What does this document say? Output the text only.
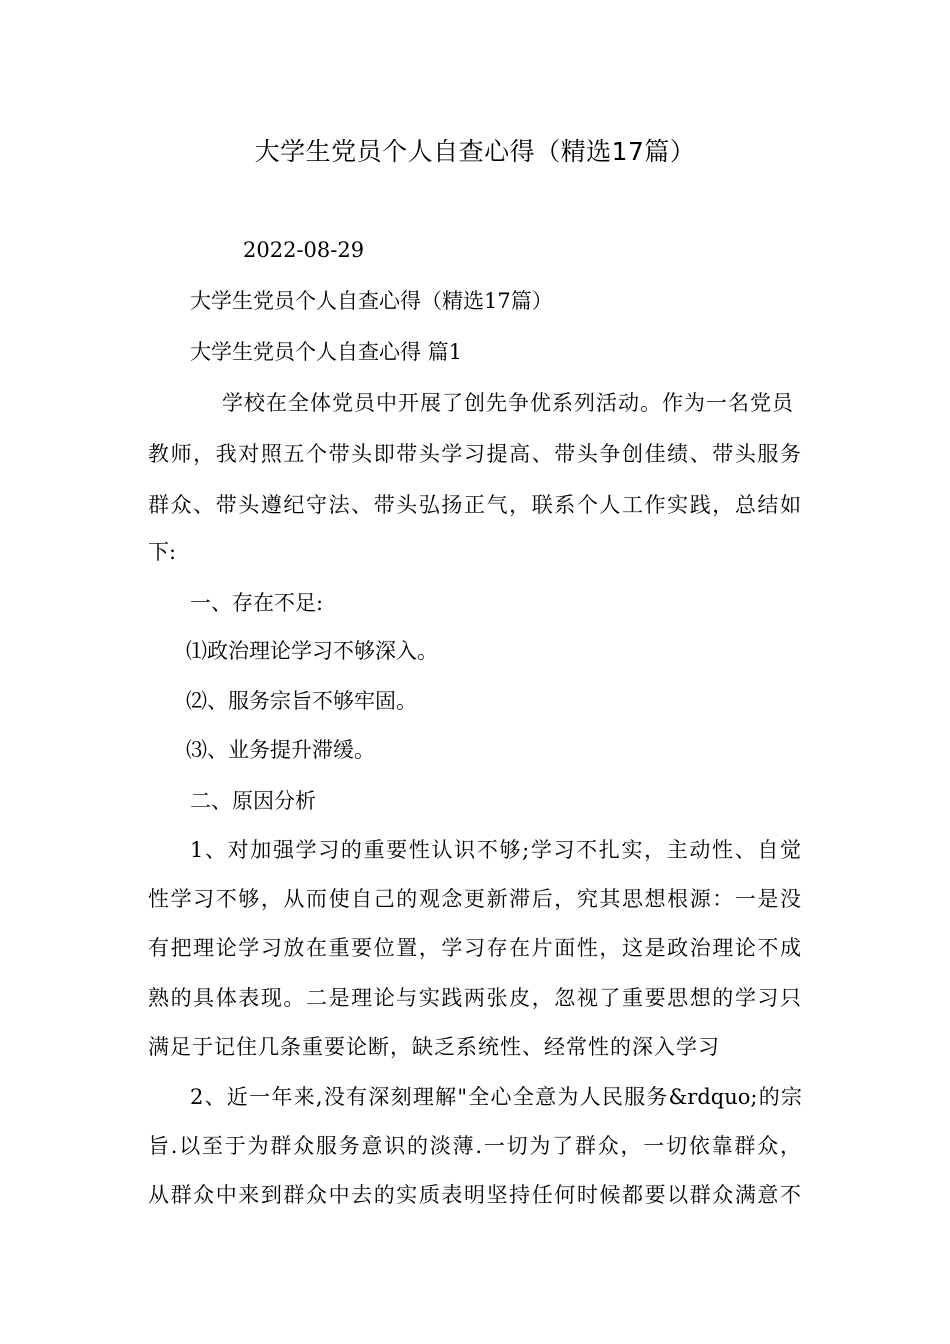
大学生党员个人自查心得（精选17篇）
2022-08-29
大学生党员个人自查心得（精选17篇）
大学生党员个人自查心得 篇1
学校在全体党员中开展了创先争优系列活动。作为一名党员
教师，我对照五个带头即带头学习提高、带头争创佳绩、带头服务
群众、带头遵纪守法、带头弘扬正气，联系个人工作实践，总结如
下:
一、存在不足:
⑴政治理论学习不够深入。
⑵、服务宗旨不够牢固。
⑶、业务提升滞缓。
二、原因分析
1、对加强学习的重要性认识不够;学习不扎实，主动性、自觉
性学习不够，从而使自己的观念更新滞后，究其思想根源：一是没
有把理论学习放在重要位置，学习存在片面性，这是政治理论不成
熟的具体表现。二是理论与实践两张皮，忽视了重要思想的学习只
满足于记住几条重要论断，缺乏系统性、经常性的深入学习
2、近一年来,没有深刻理解"全心全意为人民服务&rdquo;的宗
旨.以至于为群众服务意识的淡薄.一切为了群众，一切依靠群众，
从群众中来到群众中去的实质表明坚持任何时候都要以群众满意不
